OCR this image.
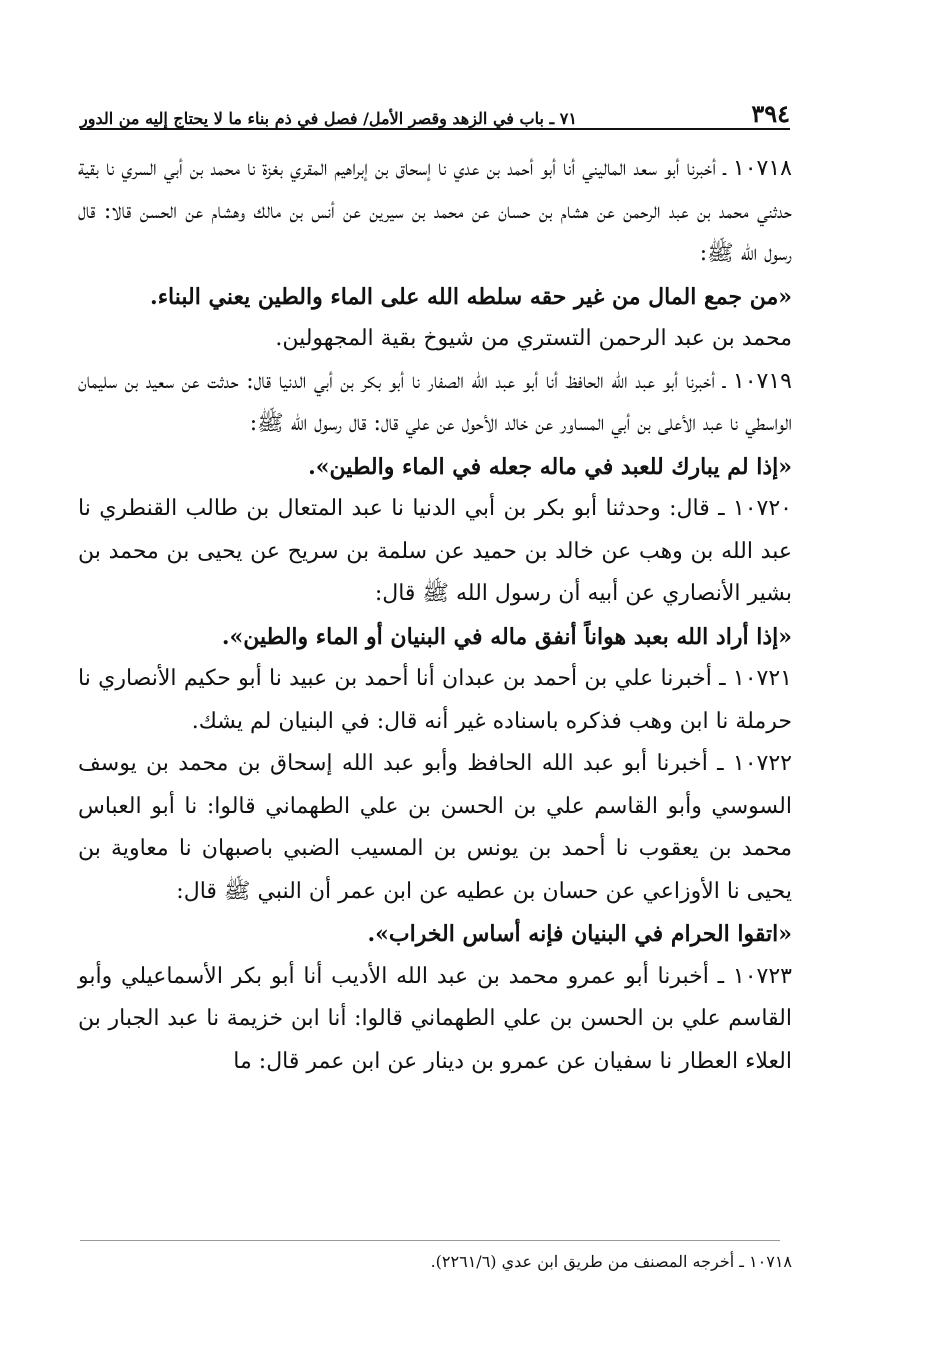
٣٩٤
٧١ ـ باب في الزهد وقصر الأمل/ فصل في ذم بناء ما لا يحتاج إليه من الدور

١٠٧١٨ ـ أخبرنا أبو سعد الماليني أنا أبو أحمد بن عدي نا إسحاق بن إبراهيم المقري بغزة نا محمد بن أبي السري نا بقية حدثني محمد بن عبد الرحمن عن هشام بن حسان عن محمد بن سيرين عن أنس بن مالك وهشام عن الحسن قالا: قال رسول الله ﷺ:

«من جمع المال من غير حقه سلطه الله على الماء والطين يعني البناء.

محمد بن عبد الرحمن التستري من شيوخ بقية المجهولين.

١٠٧١٩ ـ أخبرنا أبو عبد الله الحافظ أنا أبو عبد الله الصفار نا أبو بكر بن أبي الدنيا قال: حدثت عن سعيد بن سليمان الواسطي نا عبد الأعلى بن أبي المساور عن خالد الأحول عن علي قال: قال رسول الله ﷺ:

«إذا لم يبارك للعبد في ماله جعله في الماء والطين».

١٠٧٢٠ ـ قال: وحدثنا أبو بكر بن أبي الدنيا نا عبد المتعال بن طالب القنطري نا عبد الله بن وهب عن خالد بن حميد عن سلمة بن سريح عن يحيى بن محمد بن بشير الأنصاري عن أبيه أن رسول الله ﷺ قال:

«إذا أراد الله بعبد هواناً أنفق ماله في البنيان أو الماء والطين».

١٠٧٢١ ـ أخبرنا علي بن أحمد بن عبدان أنا أحمد بن عبيد نا أبو حكيم الأنصاري نا حرملة نا ابن وهب فذكره باسناده غير أنه قال: في البنيان لم يشك.

١٠٧٢٢ ـ أخبرنا أبو عبد الله الحافظ وأبو عبد الله إسحاق بن محمد بن يوسف السوسي وأبو القاسم علي بن الحسن بن علي الطهماني قالوا: نا أبو العباس محمد بن يعقوب نا أحمد بن يونس بن المسيب الضبي باصبهان نا معاوية بن يحيى نا الأوزاعي عن حسان بن عطيه عن ابن عمر أن النبي ﷺ قال:

«اتقوا الحرام في البنيان فإنه أساس الخراب».

١٠٧٢٣ ـ أخبرنا أبو عمرو محمد بن عبد الله الأديب أنا أبو بكر الأسماعيلي وأبو القاسم علي بن الحسن بن علي الطهماني قالوا: أنا ابن خزيمة نا عبد الجبار بن العلاء العطار نا سفيان عن عمرو بن دينار عن ابن عمر قال: ما

١٠٧١٨ ـ أخرجه المصنف من طريق ابن عدي (٢٢٦١/٦).
